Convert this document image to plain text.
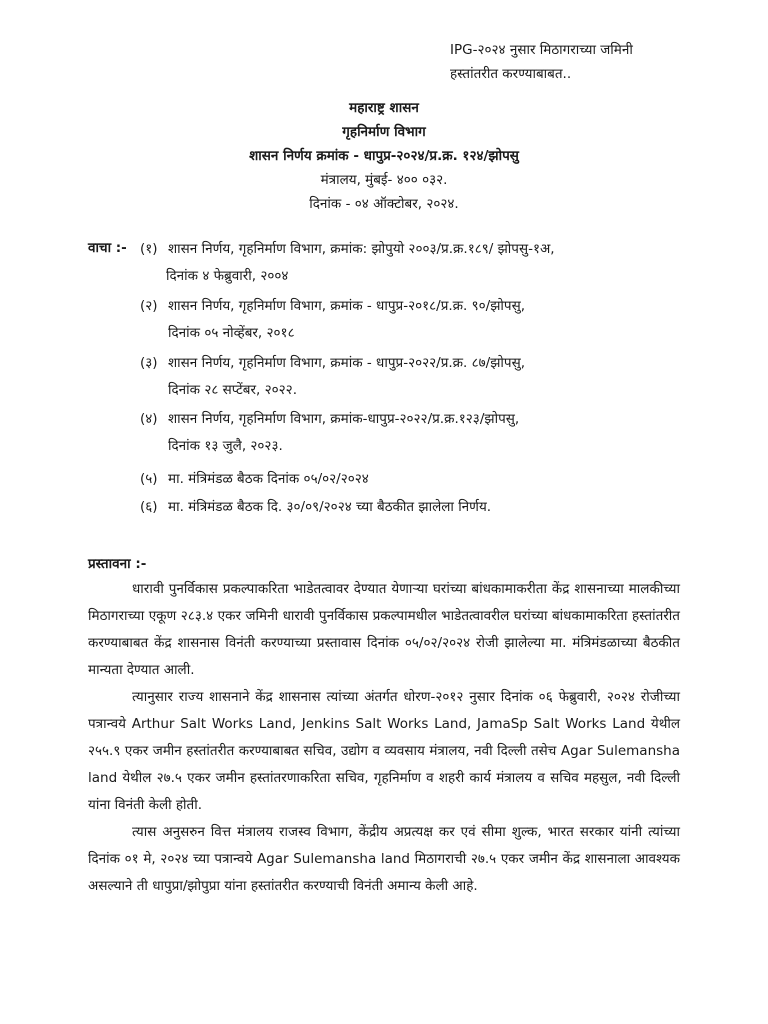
IPG-२०२४ नुसार मिठागराच्या जमिनी
हस्तांतरीत करण्याबाबत..
महाराष्ट्र शासन
गृहनिर्माण विभाग
शासन निर्णय क्रमांक - धापुप्र-२०२४/प्र.क्र. १२४/झोपसु
मंत्रालय, मुंबई- ४०० ०३२.
दिनांक - ०४ ऑक्टोबर, २०२४.
वाचा :- (१) शासन निर्णय, गृहनिर्माण विभाग, क्रमांक: झोपुयो २००३/प्र.क्र.१८९/ झोपसु-१अ,
दिनांक ४ फेब्रुवारी, २००४
(२) शासन निर्णय, गृहनिर्माण विभाग, क्रमांक - धापुप्र-२०१८/प्र.क्र. ९०/झोपसु,
दिनांक ०५ नोव्हेंबर, २०१८
(३) शासन निर्णय, गृहनिर्माण विभाग, क्रमांक - धापुप्र-२०२२/प्र.क्र. ८७/झोपसु,
दिनांक २८ सप्टेंबर, २०२२.
(४) शासन निर्णय, गृहनिर्माण विभाग, क्रमांक-धापुप्र-२०२२/प्र.क्र.१२३/झोपसु,
दिनांक १३ जुलै, २०२३.
(५) मा. मंत्रिमंडळ बैठक दिनांक ०५/०२/२०२४
(६) मा. मंत्रिमंडळ बैठक दि. ३०/०९/२०२४ च्या बैठकीत झालेला निर्णय.
प्रस्तावना :-

धारावी पुनर्विकास प्रकल्पाकरिता भाडेतत्वावर देण्यात येणाऱ्या घरांच्या बांधकामाकरीता केंद्र शासनाच्या मालकीच्या मिठागराच्या एकूण २८३.४ एकर जमिनी धारावी पुनर्विकास प्रकल्पामधील भाडेतत्वावरील घरांच्या बांधकामाकरिता हस्तांतरीत करण्याबाबत केंद्र शासनास विनंती करण्याच्या प्रस्तावास दिनांक ०५/०२/२०२४ रोजी झालेल्या मा. मंत्रिमंडळाच्या बैठकीत मान्यता देण्यात आली.

त्यानुसार राज्य शासनाने केंद्र शासनास त्यांच्या अंतर्गत धोरण-२०१२ नुसार दिनांक ०६ फेब्रुवारी, २०२४ रोजीच्या पत्रान्वये Arthur Salt Works Land, Jenkins Salt Works Land, JamaSp Salt Works Land येथील २५५.९ एकर जमीन हस्तांतरीत करण्याबाबत सचिव, उद्योग व व्यवसाय मंत्रालय, नवी दिल्ली तसेच Agar Sulemansha land येथील २७.५ एकर जमीन हस्तांतरणाकरिता सचिव, गृहनिर्माण व शहरी कार्य मंत्रालय व सचिव महसुल, नवी दिल्ली यांना विनंती केली होती.

त्यास अनुसरुन वित्त मंत्रालय राजस्व विभाग, केंद्रीय अप्रत्यक्ष कर एवं सीमा शुल्क, भारत सरकार यांनी त्यांच्या दिनांक ०१ मे, २०२४ च्या पत्रान्वये Agar Sulemansha land मिठागराची २७.५ एकर जमीन केंद्र शासनाला आवश्यक असल्याने ती धापुप्रा/झोपुप्रा यांना हस्तांतरीत करण्याची विनंती अमान्य केली आहे.
